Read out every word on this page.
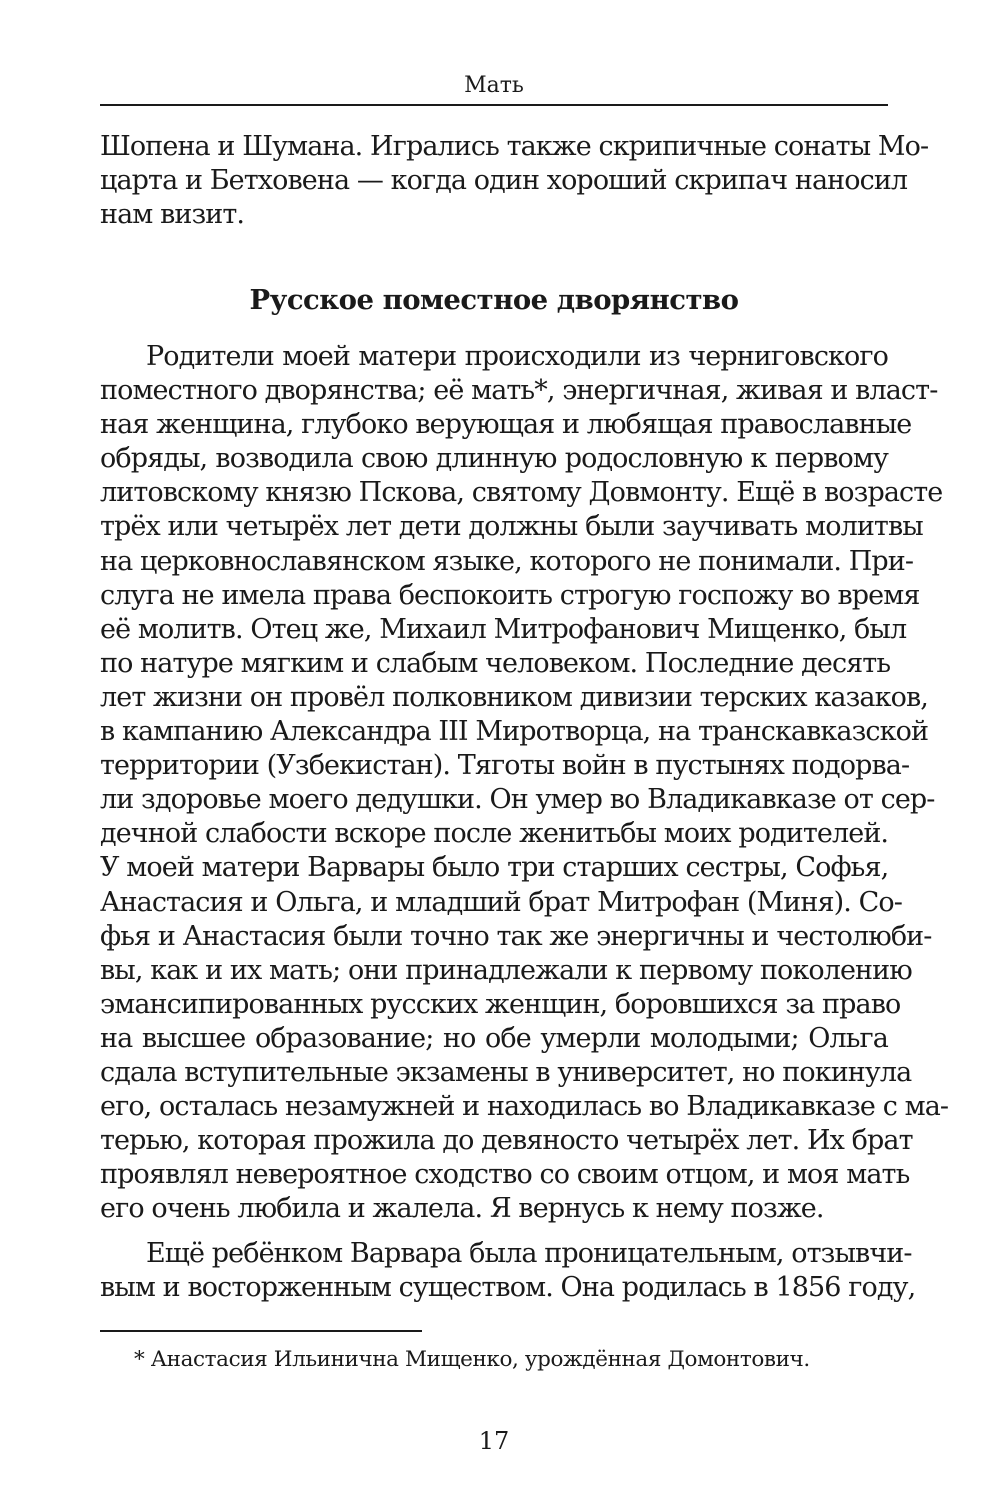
Мать
Шопена и Шумана. Игрались также скрипичные сонаты Мо-
царта и Бетховена — когда один хороший скрипач наносил
нам визит.
Русское поместное дворянство
Родители моей матери происходили из черниговского
поместного дворянства; её мать*, энергичная, живая и власт-
ная женщина, глубоко верующая и любящая православные
обряды, возводила свою длинную родословную к первому
литовскому князю Пскова, святому Довмонту. Ещё в возрасте
трёх или четырёх лет дети должны были заучивать молитвы
на церковнославянском языке, которого не понимали. При-
слуга не имела права беспокоить строгую госпожу во время
её молитв. Отец же, Михаил Митрофанович Мищенко, был
по натуре мягким и слабым человеком. Последние десять
лет жизни он провёл полковником дивизии терских казаков,
в кампанию Александра III Миротворца, на транскавказской
территории (Узбекистан). Тяготы войн в пустынях подорва-
ли здоровье моего дедушки. Он умер во Владикавказе от сер-
дечной слабости вскоре после женитьбы моих родителей.
У моей матери Варвары было три старших сестры, Софья,
Анастасия и Ольга, и младший брат Митрофан (Миня). Со-
фья и Анастасия были точно так же энергичны и честолюби-
вы, как и их мать; они принадлежали к первому поколению
эмансипированных русских женщин, боровшихся за право
на высшее образование; но обе умерли молодыми; Ольга
сдала вступительные экзамены в университет, но покинула
его, осталась незамужней и находилась во Владикавказе с ма-
терью, которая прожила до девяносто четырёх лет. Их брат
проявлял невероятное сходство со своим отцом, и моя мать
его очень любила и жалела. Я вернусь к нему позже.
Ещё ребёнком Варвара была проницательным, отзывчи-
вым и восторженным существом. Она родилась в 1856 году,
* Анастасия Ильинична Мищенко, урождённая Домонтович.
17
